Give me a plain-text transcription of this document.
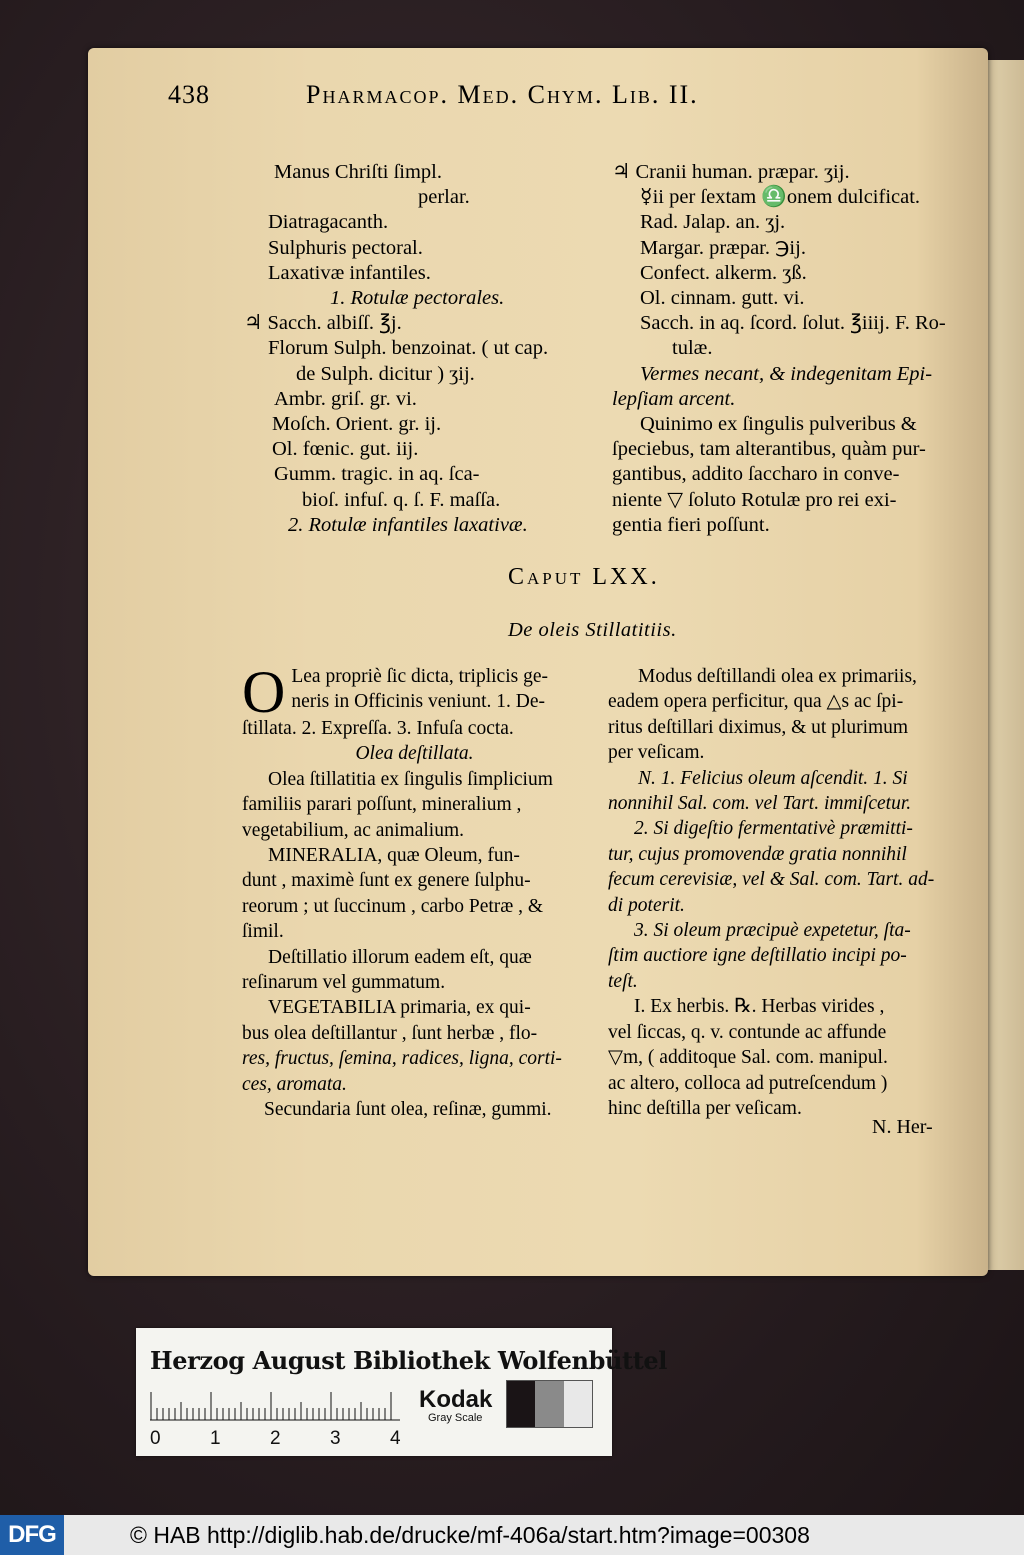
438	Pharmacop. Med. Chym. Lib. II.
Manus Chriſti ſimpl.
perlar.
Diatragacanth.
Sulphuris pectoral.
Laxativæ infantiles.
1. Rotulæ pectorales.
♃ Sacch. albiſſ. ℥j.
Florum Sulph. benzoinat. ( ut cap.
de Sulph. dicitur ) ʒij.
Ambr. griſ. gr. vi.
Moſch. Orient. gr. ij.
Ol. fœnic. gut. iij.
Gumm. tragic. in aq. ſca-
bioſ. infuſ. q. ſ. F. maſſa.
2. Rotulæ infantiles laxativæ.
♃ Cranii human. præpar. ʒij.
☿ii per ſextam ♎onem dulcificat.
Rad. Jalap. an. ʒj.
Margar. præpar. ℈ij.
Confect. alkerm. ʒß.
Ol. cinnam. gutt. vi.
Sacch. in aq. ſcord. ſolut. ℥iiij. F. Ro-
tulæ.
Vermes necant, & indegenitam Epi-
lepſiam arcent.
Quinimo ex ſingulis pulveribus &
ſpeciebus, tam alterantibus, quàm pur-
gantibus, addito ſaccharo in conve-
niente ▽ ſoluto Rotulæ pro rei exi-
gentia fieri poſſunt.
Caput LXX.
De oleis Stillatitiis.
O Lea propriè ſic dicta, triplicis ge-
neris in Officinis veniunt. 1. De-
ſtillata. 2. Expreſſa. 3. Infuſa cocta.
Olea deſtillata.
Olea ſtillatitia ex ſingulis ſimplicium
familiis parari poſſunt, mineralium ,
vegetabilium, ac animalium.
MINERALIA, quæ Oleum, fun-
dunt , maximè ſunt ex genere ſulphu-
reorum ; ut ſuccinum , carbo Petræ , &
ſimil.
Deſtillatio illorum eadem eſt, quæ
reſinarum vel gummatum.
VEGETABILIA primaria, ex qui-
bus olea deſtillantur , ſunt herbæ , flo-
res, fructus, ſemina, radices, ligna, corti-
ces, aromata.
Secundaria ſunt olea, reſinæ, gummi.
Modus deſtillandi olea ex primariis,
eadem opera perficitur, qua △s ac ſpi-
ritus deſtillari diximus, & ut plurimum
per veſicam.
N. 1. Felicius oleum aſcendit. 1. Si
nonnihil Sal. com. vel Tart. immiſcetur.
2. Si digeſtio fermentativè præmitti-
tur, cujus promovendæ gratia nonnihil
fecum cerevisiæ, vel & Sal. com. Tart. ad-
di poterit.
3. Si oleum præcipuè expetetur, ſta-
ſtim auctiore igne deſtillatio incipi po-
teſt.
I. Ex herbis. ℞. Herbas virides ,
vel ſiccas, q. v. contunde ac affunde
▽m, ( additoque Sal. com. manipul.
ac altero, colloca ad putreſcendum )
hinc deſtilla per veſicam.
N. Her-
Herzog August Bibliothek Wolfenbüttel
0	1	2	3	4
Kodak
Gray Scale
DFG	© HAB http://diglib.hab.de/drucke/mf-406a/start.htm?image=00308
